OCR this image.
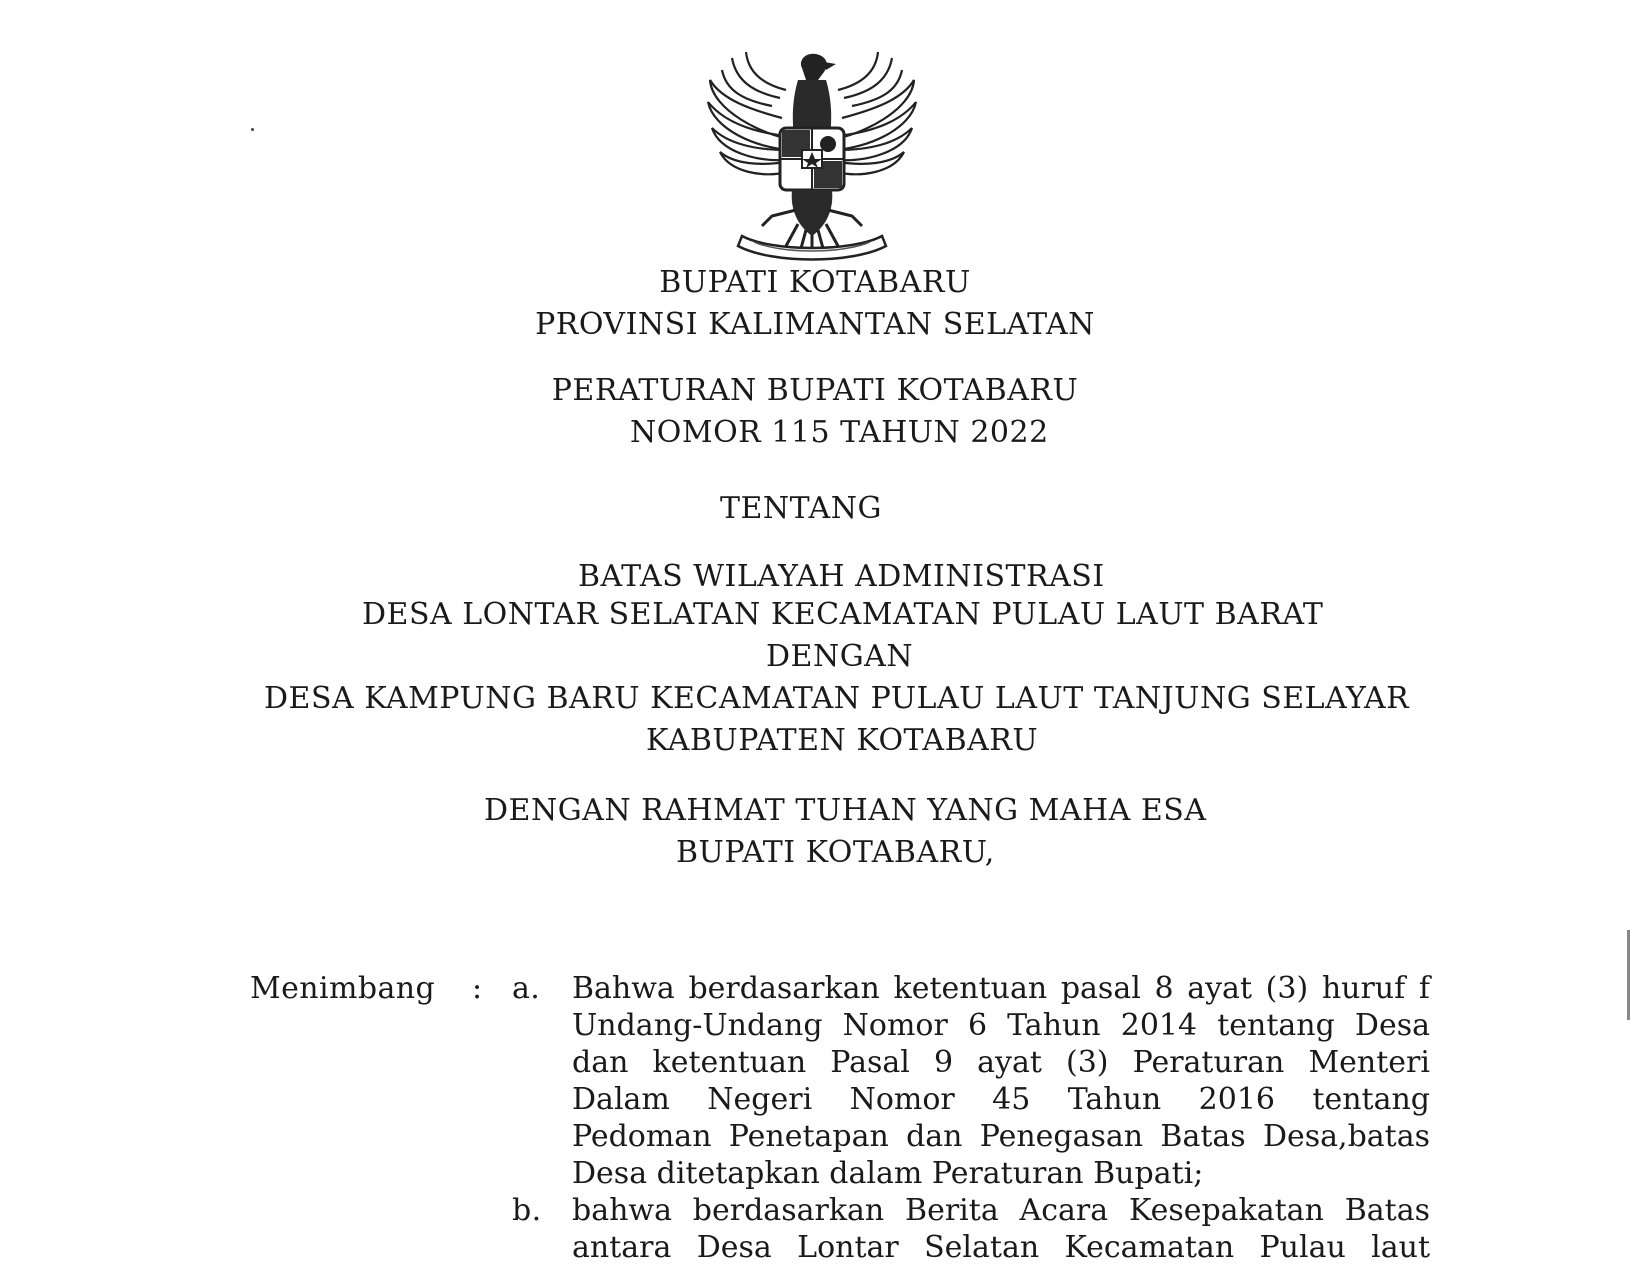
BUPATI KOTABARU
PROVINSI KALIMANTAN SELATAN
PERATURAN BUPATI KOTABARU
NOMOR 115 TAHUN 2022
TENTANG
BATAS WILAYAH ADMINISTRASI
DESA LONTAR SELATAN KECAMATAN PULAU LAUT BARAT
DENGAN
DESA KAMPUNG BARU KECAMATAN PULAU LAUT TANJUNG SELAYAR
KABUPATEN KOTABARU
DENGAN RAHMAT TUHAN YANG MAHA ESA
BUPATI KOTABARU,
Menimbang : a. Bahwa berdasarkan ketentuan pasal 8 ayat (3) huruf f
Undang-Undang Nomor 6 Tahun 2014 tentang Desa
dan ketentuan Pasal 9 ayat (3) Peraturan Menteri
Dalam Negeri Nomor 45 Tahun 2016 tentang
Pedoman Penetapan dan Penegasan Batas Desa,batas
Desa ditetapkan dalam Peraturan Bupati;
b. bahwa berdasarkan Berita Acara Kesepakatan Batas
antara Desa Lontar Selatan Kecamatan Pulau laut
